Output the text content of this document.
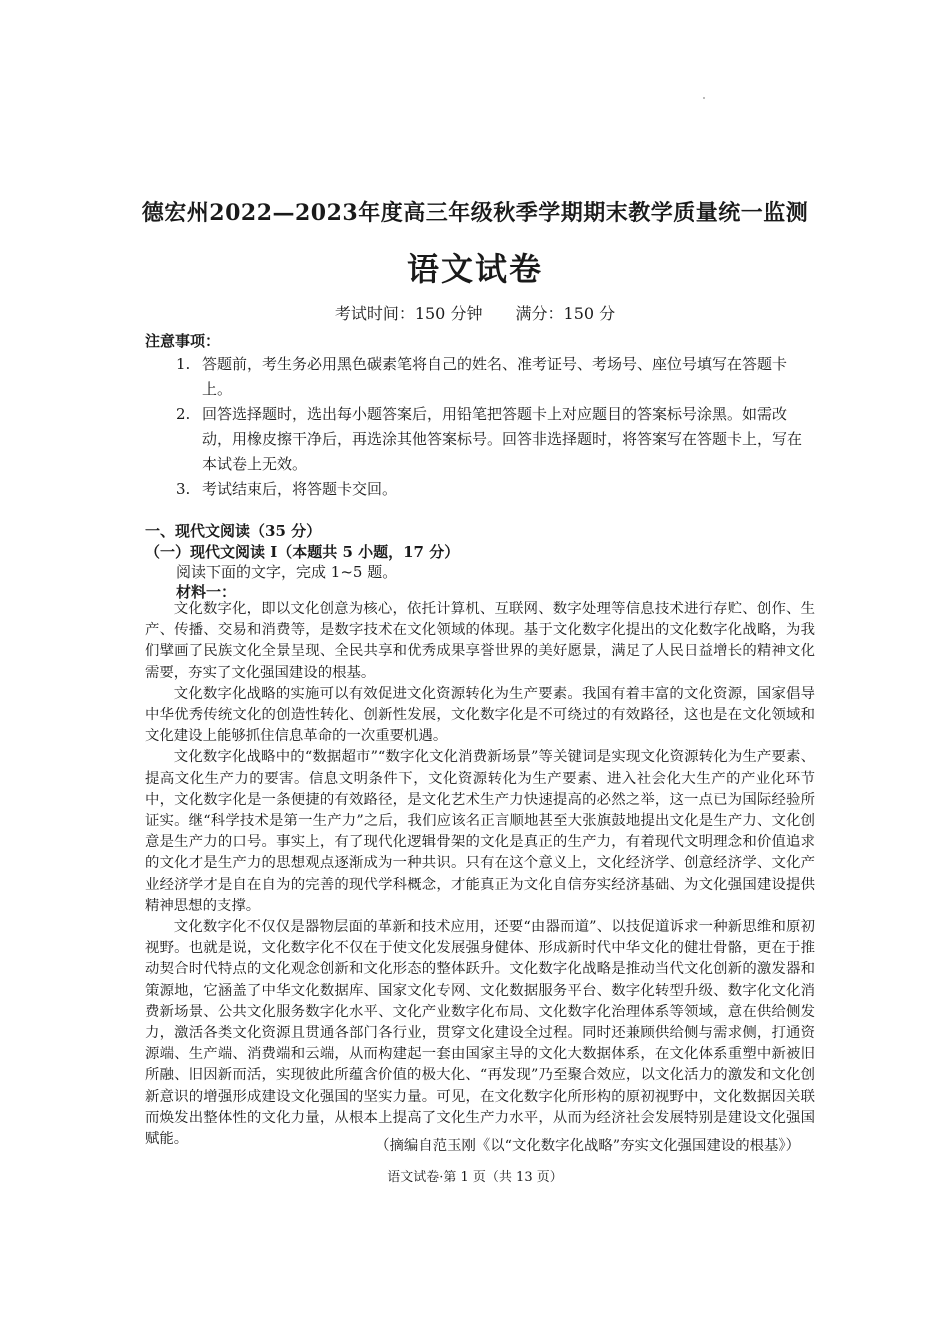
德宏州2022—2023年度高三年级秋季学期期末教学质量统一监测
语文试卷
考试时间：150 分钟 满分：150 分
注意事项：
1. 答题前，考生务必用黑色碳素笔将自己的姓名、准考证号、考场号、座位号填写在答题卡上。
2. 回答选择题时，选出每小题答案后，用铅笔把答题卡上对应题目的答案标号涂黑。如需改动，用橡皮擦干净后，再选涂其他答案标号。回答非选择题时，将答案写在答题卡上，写在本试卷上无效。
3. 考试结束后，将答题卡交回。
一、现代文阅读（35 分）
（一）现代文阅读 I（本题共 5 小题，17 分）
阅读下面的文字，完成 1~5 题。
材料一：

文化数字化，即以文化创意为核心，依托计算机、互联网、数字处理等信息技术进行存贮、创作、生产、传播、交易和消费等，是数字技术在文化领域的体现。基于文化数字化提出的文化数字化战略，为我们擘画了民族文化全景呈现、全民共享和优秀成果享誉世界的美好愿景，满足了人民日益增长的精神文化需要，夯实了文化强国建设的根基。

文化数字化战略的实施可以有效促进文化资源转化为生产要素。我国有着丰富的文化资源，国家倡导中华优秀传统文化的创造性转化、创新性发展，文化数字化是不可绕过的有效路径，这也是在文化领域和文化建设上能够抓住信息革命的一次重要机遇。

文化数字化战略中的“数据超市”“数字化文化消费新场景”等关键词是实现文化资源转化为生产要素、提高文化生产力的要害。信息文明条件下，文化资源转化为生产要素、进入社会化大生产的产业化环节中，文化数字化是一条便捷的有效路径，是文化艺术生产力快速提高的必然之举，这一点已为国际经验所证实。继“科学技术是第一生产力”之后，我们应该名正言顺地甚至大张旗鼓地提出文化是生产力、文化创意是生产力的口号。事实上，有了现代化逻辑骨架的文化是真正的生产力，有着现代文明理念和价值追求的文化才是生产力的思想观点逐渐成为一种共识。只有在这个意义上，文化经济学、创意经济学、文化产业经济学才是自在自为的完善的现代学科概念，才能真正为文化自信夯实经济基础、为文化强国建设提供精神思想的支撑。

文化数字化不仅仅是器物层面的革新和技术应用，还要“由器而道”、以技促道诉求一种新思维和原初视野。也就是说，文化数字化不仅在于使文化发展强身健体、形成新时代中华文化的健壮骨骼，更在于推动契合时代特点的文化观念创新和文化形态的整体跃升。文化数字化战略是推动当代文化创新的激发器和策源地，它涵盖了中华文化数据库、国家文化专网、文化数据服务平台、数字化转型升级、数字化文化消费新场景、公共文化服务数字化水平、文化产业数字化布局、文化数字化治理体系等领域，意在供给侧发力，激活各类文化资源且贯通各部门各行业，贯穿文化建设全过程。同时还兼顾供给侧与需求侧，打通资源端、生产端、消费端和云端，从而构建起一套由国家主导的文化大数据体系，在文化体系重塑中新被旧所融、旧因新而活，实现彼此所蕴含价值的极大化、“再发现”乃至聚合效应，以文化活力的激发和文化创新意识的增强形成建设文化强国的坚实力量。可见，在文化数字化所形构的原初视野中，文化数据因关联而焕发出整体性的文化力量，从根本上提高了文化生产力水平，从而为经济社会发展特别是建设文化强国赋能。	（摘编自范玉刚《以“文化数字化战略”夯实文化强国建设的根基》）
语文试卷·第 1 页（共 13 页）
